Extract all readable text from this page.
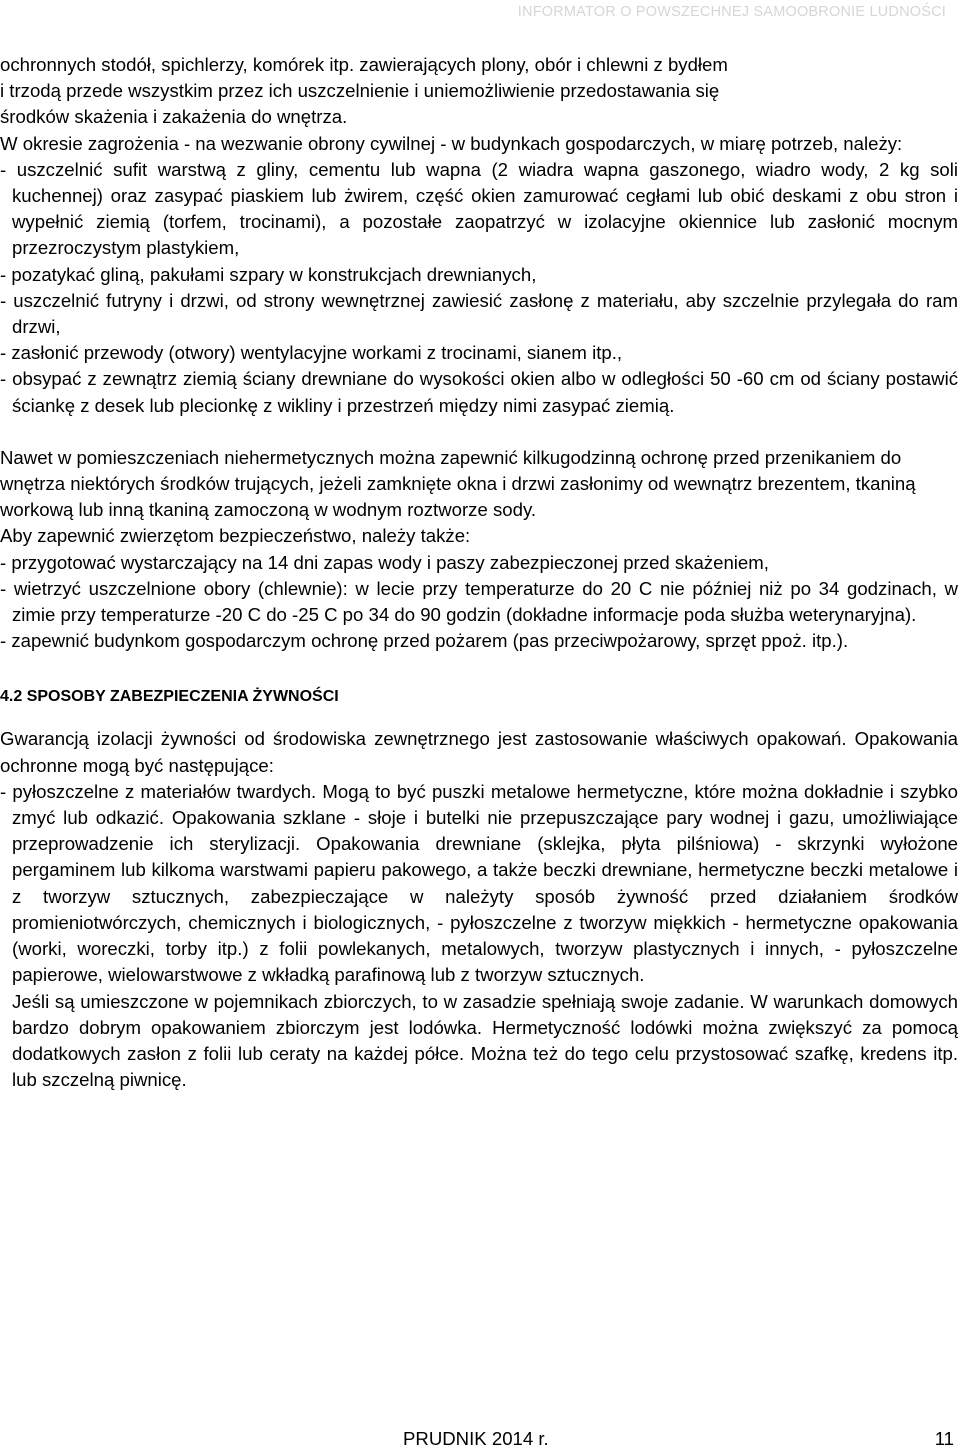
INFORMATOR O POWSZECHNEJ SAMOOBRONIE LUDNOŚCI

ochronnych stodół, spichlerzy, komórek itp. zawierających plony, obór i chlewni z bydłem

i trzodą przede wszystkim przez ich uszczelnienie i uniemożliwienie przedostawania się

środków skażenia i zakażenia do wnętrza.

W okresie zagrożenia - na wezwanie obrony cywilnej - w budynkach gospodarczych, w miarę potrzeb, należy:

- uszczelnić sufit warstwą z gliny, cementu lub wapna (2 wiadra wapna gaszonego, wiadro wody, 2 kg soli kuchennej) oraz zasypać piaskiem lub żwirem, część okien zamurować cegłami lub obić deskami z obu stron i wypełnić ziemią (torfem, trocinami), a pozostałe zaopatrzyć w izolacyjne okiennice lub zasłonić mocnym przezroczystym plastykiem,

- pozatykać gliną, pakułami szpary w konstrukcjach drewnianych,

- uszczelnić futryny i drzwi, od strony wewnętrznej zawiesić zasłonę z materiału, aby szczelnie przylegała do ram drzwi,

- zasłonić przewody (otwory) wentylacyjne workami z trocinami, sianem itp.,

- obsypać z zewnątrz ziemią ściany drewniane do wysokości okien albo w odległości 50 -60 cm od ściany postawić ściankę z desek lub plecionkę z wikliny i przestrzeń między nimi zasypać ziemią.

Nawet w pomieszczeniach niehermetycznych można zapewnić kilkugodzinną ochronę przed przenikaniem do wnętrza niektórych środków trujących, jeżeli zamknięte okna i drzwi zasłonimy od wewnątrz brezentem, tkaniną workową lub inną tkaniną zamoczoną w wodnym roztworze sody.

Aby zapewnić zwierzętom bezpieczeństwo, należy także:

- przygotować wystarczający na 14 dni zapas wody i paszy zabezpieczonej przed skażeniem,

- wietrzyć uszczelnione obory (chlewnie): w lecie przy temperaturze do 20 C nie później niż po 34 godzinach, w zimie przy temperaturze -20 C do -25 C po 34 do 90 godzin (dokładne informacje poda służba weterynaryjna).

- zapewnić budynkom gospodarczym ochronę przed pożarem (pas przeciwpożarowy, sprzęt ppoż. itp.).

4.2 SPOSOBY ZABEZPIECZENIA ŻYWNOŚCI

Gwarancją izolacji żywności od środowiska zewnętrznego jest zastosowanie właściwych opakowań. Opakowania ochronne mogą być następujące:

- pyłoszczelne z materiałów twardych. Mogą to być puszki metalowe hermetyczne, które można dokładnie i szybko zmyć lub odkazić. Opakowania szklane - słoje i butelki nie przepuszczające pary wodnej i gazu, umożliwiające przeprowadzenie ich sterylizacji. Opakowania drewniane (sklejka, płyta pilśniowa) - skrzynki wyłożone pergaminem lub kilkoma warstwami papieru pakowego, a także beczki drewniane, hermetyczne beczki metalowe i z tworzyw sztucznych, zabezpieczające w należyty sposób żywność przed działaniem środków promieniotwórczych, chemicznych i biologicznych, - pyłoszczelne z tworzyw miękkich - hermetyczne opakowania (worki, woreczki, torby itp.) z folii powlekanych, metalowych, tworzyw plastycznych i innych, - pyłoszczelne papierowe, wielowarstwowe z wkładką parafinową lub z tworzyw sztucznych.

Jeśli są umieszczone w pojemnikach zbiorczych, to w zasadzie spełniają swoje zadanie. W warunkach domowych bardzo dobrym opakowaniem zbiorczym jest lodówka. Hermetyczność lodówki można zwiększyć za pomocą dodatkowych zasłon z folii lub ceraty na każdej półce. Można też do tego celu przystosować szafkę, kredens itp. lub szczelną piwnicę.

PRUDNIK 2014 r.	11
